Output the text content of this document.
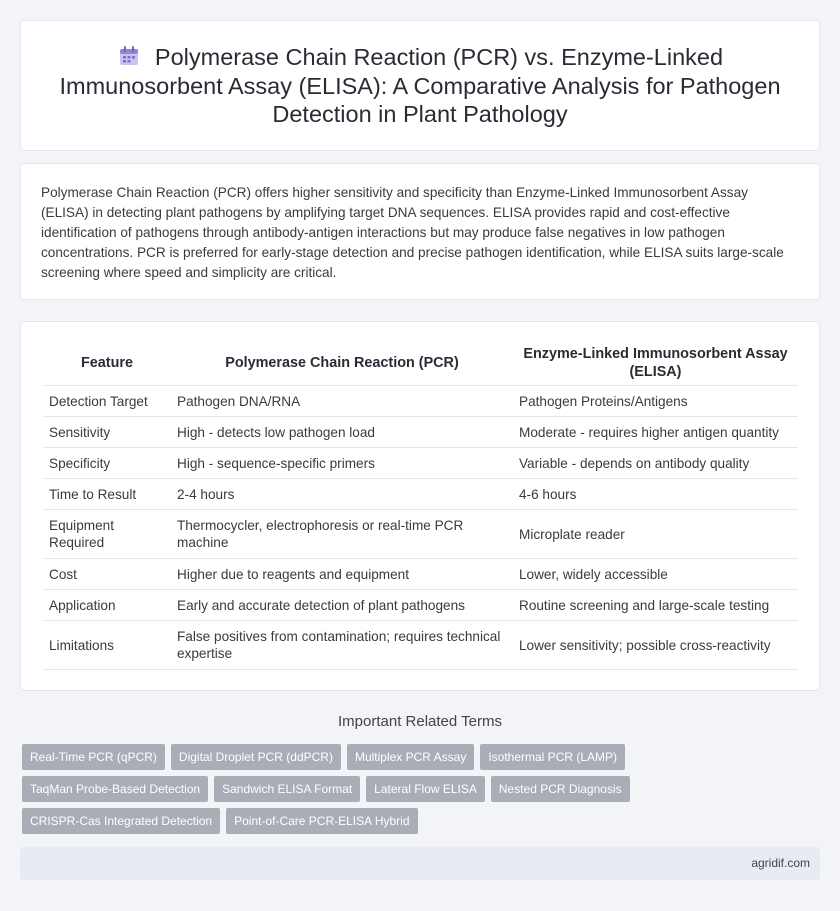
Polymerase Chain Reaction (PCR) vs. Enzyme-Linked Immunosorbent Assay (ELISA): A Comparative Analysis for Pathogen Detection in Plant Pathology

Polymerase Chain Reaction (PCR) offers higher sensitivity and specificity than Enzyme-Linked Immunosorbent Assay (ELISA) in detecting plant pathogens by amplifying target DNA sequences. ELISA provides rapid and cost-effective identification of pathogens through antibody-antigen interactions but may produce false negatives in low pathogen concentrations. PCR is preferred for early-stage detection and precise pathogen identification, while ELISA suits large-scale screening where speed and simplicity are critical.

Feature	Polymerase Chain Reaction (PCR)	Enzyme-Linked Immunosorbent Assay (ELISA)
Detection Target	Pathogen DNA/RNA	Pathogen Proteins/Antigens
Sensitivity	High - detects low pathogen load	Moderate - requires higher antigen quantity
Specificity	High - sequence-specific primers	Variable - depends on antibody quality
Time to Result	2-4 hours	4-6 hours
Equipment Required	Thermocycler, electrophoresis or real-time PCR machine	Microplate reader
Cost	Higher due to reagents and equipment	Lower, widely accessible
Application	Early and accurate detection of plant pathogens	Routine screening and large-scale testing
Limitations	False positives from contamination; requires technical expertise	Lower sensitivity; possible cross-reactivity
Important Related Terms
Real-Time PCR (qPCR)	Digital Droplet PCR (ddPCR)	Multiplex PCR Assay	Isothermal PCR (LAMP)
TaqMan Probe-Based Detection	Sandwich ELISA Format	Lateral Flow ELISA	Nested PCR Diagnosis
CRISPR-Cas Integrated Detection	Point-of-Care PCR-ELISA Hybrid
agridif.com
